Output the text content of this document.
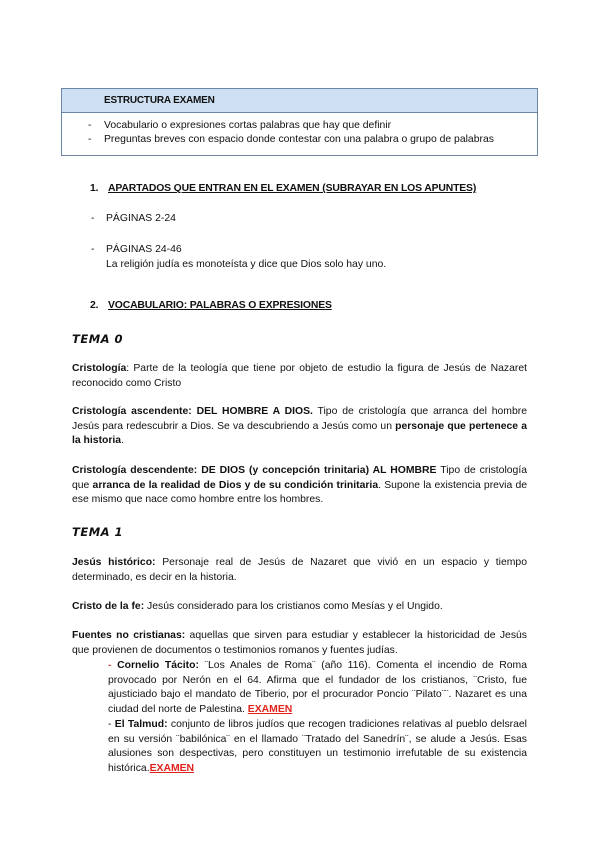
ESTRUCTURA EXAMEN
- Vocabulario o expresiones cortas palabras que hay que definir
- Preguntas breves con espacio donde contestar con una palabra o grupo de palabras
1. APARTADOS QUE ENTRAN EN EL EXAMEN (SUBRAYAR EN LOS APUNTES)
- PÁGINAS 2-24
- PÁGINAS 24-46
La religión judía es monoteísta y dice que Dios solo hay uno.
2. VOCABULARIO: PALABRAS O EXPRESIONES
TEMA 0
Cristología: Parte de la teología que tiene por objeto de estudio la figura de Jesús de Nazaret reconocido como Cristo
Cristología ascendente: DEL HOMBRE A DIOS. Tipo de cristología que arranca del hombre Jesús para redescubrir a Dios. Se va descubriendo a Jesús como un personaje que pertenece a la historia.
Cristología descendente: DE DIOS (y concepción trinitaria) AL HOMBRE Tipo de cristología que arranca de la realidad de Dios y de su condición trinitaria. Supone la existencia previa de ese mismo que nace como hombre entre los hombres.
TEMA 1
Jesús histórico: Personaje real de Jesús de Nazaret que vivió en un espacio y tiempo determinado, es decir en la historia.
Cristo de la fe: Jesús considerado para los cristianos como Mesías y el Ungido.
Fuentes no cristianas: aquellas que sirven para estudiar y establecer la historicidad de Jesús que provienen de documentos o testimonios romanos y fuentes judías.
- Cornelio Tácito: ¨Los Anales de Roma¨ (año 116). Comenta el incendio de Roma provocado por Nerón en el 64. Afirma que el fundador de los cristianos, ¨Cristo, fue ajusticiado bajo el mandato de Tiberio, por el procurador Poncio ¨Pilato¨¨. Nazaret es una ciudad del norte de Palestina. EXAMEN
- El Talmud: conjunto de libros judíos que recogen tradiciones relativas al pueblo delsrael en su versión ¨babilónica¨ en el llamado ¨Tratado del Sanedrín¨, se alude a Jesús. Esas alusiones son despectivas, pero constituyen un testimonio irrefutable de su existencia histórica.EXAMEN
